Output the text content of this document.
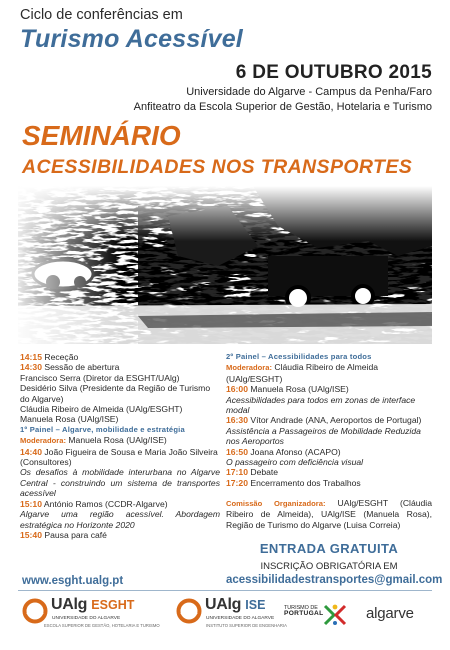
Ciclo de conferências em
Turismo Acessível
6 DE OUTUBRO 2015
Universidade do Algarve - Campus da Penha/Faro
Anfiteatro da Escola Superior de Gestão, Hotelaria e Turismo
SEMINÁRIO
ACESSIBILIDADES NOS TRANSPORTES
14:15 Receção
14:30 Sessão de abertura
Francisco Serra (Diretor da ESGHT/UAlg)
Desidério Silva (Presidente da Região de Turismo do Algarve)
Cláudia Ribeiro de Almeida (UAlg/ESGHT)
Manuela Rosa (UAlg/ISE)
1º Painel – Algarve, mobilidade e estratégia
Moderadora: Manuela Rosa (UAlg/ISE)
14:40 João Figueira de Sousa e Maria João Silveira (Consultores)
Os desafios à mobilidade interurbana no Algarve Central - construindo um sistema de transportes acessível
15:10 António Ramos (CCDR-Algarve)
Algarve uma região acessível. Abordagem estratégica no Horizonte 2020
15:40 Pausa para café
2º Painel – Acessibilidades para todos
Moderadora: Cláudia Ribeiro de Almeida (UAlg/ESGHT)
16:00 Manuela Rosa (UAlg/ISE)
Acessibilidades para todos em zonas de interface modal
16:30 Vítor Andrade (ANA, Aeroportos de Portugal)
Assistência a Passageiros de Mobilidade Reduzida nos Aeroportos
16:50 Joana Afonso (ACAPO)
O passageiro com deficiência visual
17:10 Debate
17:20 Encerramento dos Trabalhos
Comissão Organizadora: UAlg/ESGHT (Cláudia Ribeiro de Almeida), UAlg/ISE (Manuela Rosa), Região de Turismo do Algarve (Luisa Correia)
ENTRADA GRATUITA
INSCRIÇÃO OBRIGATÓRIA EM
acessibilidadestransportes@gmail.com
www.esght.ualg.pt
UAlg ESGHT
UNIVERSIDADE DO ALGARVE
ESCOLA SUPERIOR DE GESTÃO, HOTELARIA E TURISMO
UAlg ISE
UNIVERSIDADE DO ALGARVE
INSTITUTO SUPERIOR DE ENGENHARIA
TURISMO DE
PORTUGAL	algarve
